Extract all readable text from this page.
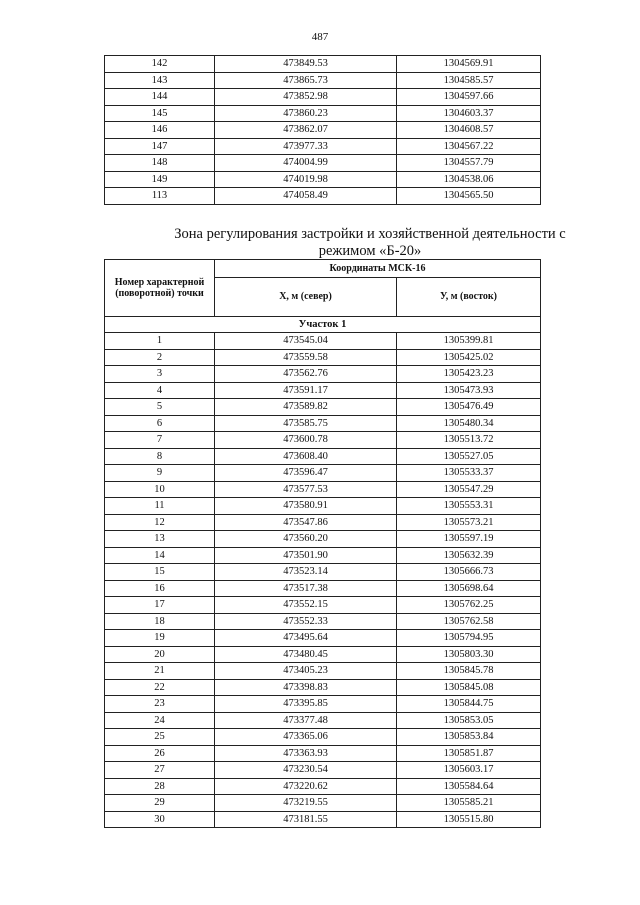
487
142	473849.53	1304569.91
143	473865.73	1304585.57
144	473852.98	1304597.66
145	473860.23	1304603.37
146	473862.07	1304608.57
147	473977.33	1304567.22
148	474004.99	1304557.79
149	474019.98	1304538.06
113	474058.49	1304565.50
Зона регулирования застройки и хозяйственной деятельности с режимом «Б-20»
Номер характерной (поворотной) точки	Координаты МСК-16	
	X, м (север)	У, м (восток)
Участок 1		
1	473545.04	1305399.81
2	473559.58	1305425.02
3	473562.76	1305423.23
4	473591.17	1305473.93
5	473589.82	1305476.49
6	473585.75	1305480.34
7	473600.78	1305513.72
8	473608.40	1305527.05
9	473596.47	1305533.37
10	473577.53	1305547.29
11	473580.91	1305553.31
12	473547.86	1305573.21
13	473560.20	1305597.19
14	473501.90	1305632.39
15	473523.14	1305666.73
16	473517.38	1305698.64
17	473552.15	1305762.25
18	473552.33	1305762.58
19	473495.64	1305794.95
20	473480.45	1305803.30
21	473405.23	1305845.78
22	473398.83	1305845.08
23	473395.85	1305844.75
24	473377.48	1305853.05
25	473365.06	1305853.84
26	473363.93	1305851.87
27	473230.54	1305603.17
28	473220.62	1305584.64
29	473219.55	1305585.21
30	473181.55	1305515.80
